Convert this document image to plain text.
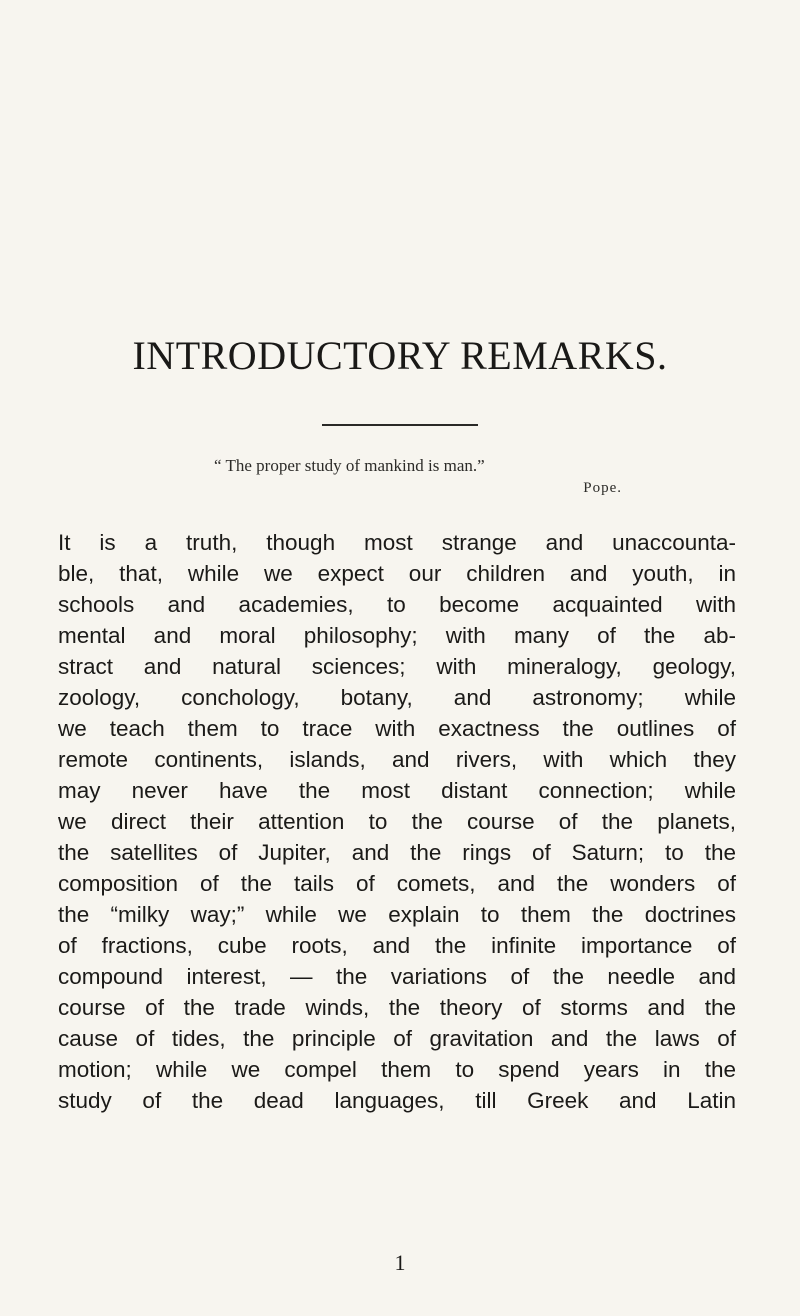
INTRODUCTORY REMARKS.
“ The proper study of mankind is man.”
Pope.
It is a truth, though most strange and unaccounta-
ble, that, while we expect our children and youth, in
schools and academies, to become acquainted with
mental and moral philosophy; with many of the ab-
stract and natural sciences; with mineralogy, geology,
zoology, conchology, botany, and astronomy; while
we teach them to trace with exactness the outlines of
remote continents, islands, and rivers, with which they
may never have the most distant connection; while
we direct their attention to the course of the planets,
the satellites of Jupiter, and the rings of Saturn; to the
composition of the tails of comets, and the wonders of
the “milky way;” while we explain to them the doctrines
of fractions, cube roots, and the infinite importance of
compound interest, — the variations of the needle and
course of the trade winds, the theory of storms and the
cause of tides, the principle of gravitation and the laws of
motion; while we compel them to spend years in the
study of the dead languages, till Greek and Latin
1
